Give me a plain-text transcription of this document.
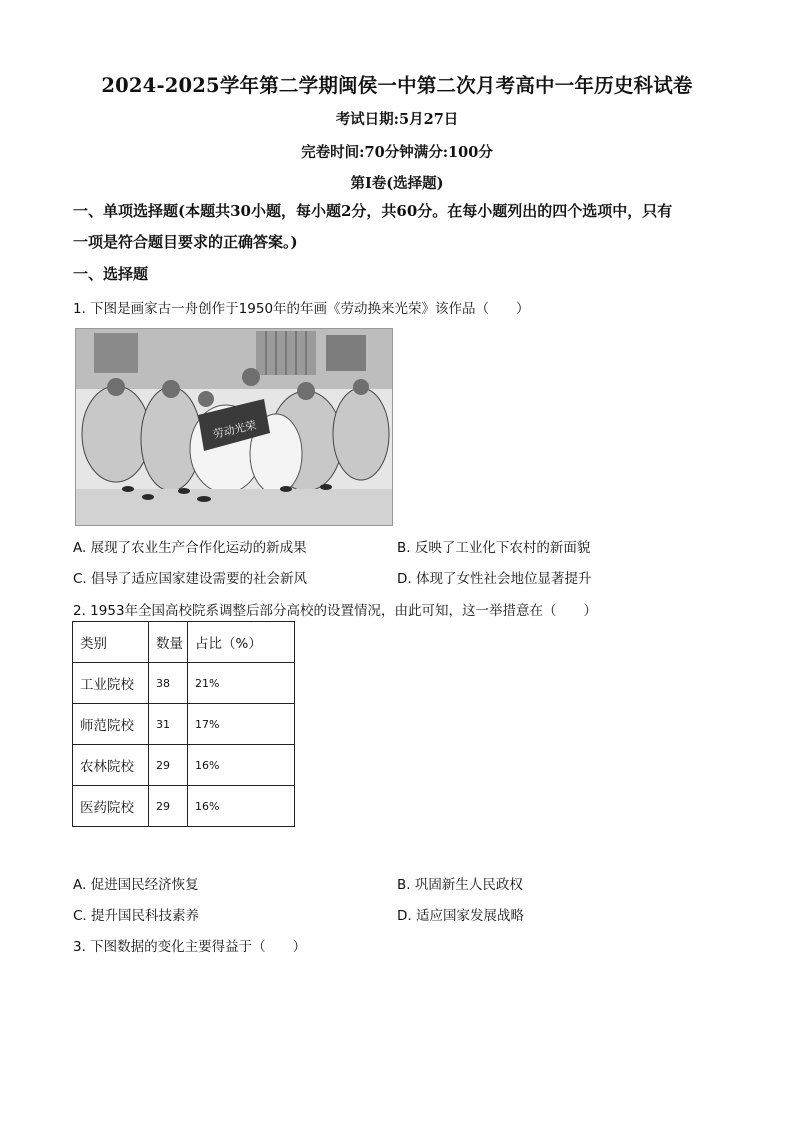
2024-2025学年第二学期闽侯一中第二次月考高中一年历史科试卷
考试日期:5月27日
完卷时间:70分钟满分:100分
第I卷(选择题)
一、单项选择题(本题共30小题，每小题2分，共60分。在每小题列出的四个选项中，只有
一项是符合题目要求的正确答案。)
一、选择题
1. 下图是画家古一舟创作于1950年的年画《劳动换来光荣》该作品（　　）
劳动光荣
A. 展现了农业生产合作化运动的新成果	B. 反映了工业化下农村的新面貌
C. 倡导了适应国家建设需要的社会新风	D. 体现了女性社会地位显著提升
2. 1953年全国高校院系调整后部分高校的设置情况，由此可知，这一举措意在（　　）
类别	数量	占比（%）
工业院校	38	21%
师范院校	31	17%
农林院校	29	16%
医药院校	29	16%
A. 促进国民经济恢复	B. 巩固新生人民政权
C. 提升国民科技素养	D. 适应国家发展战略
3. 下图数据的变化主要得益于（　　）
